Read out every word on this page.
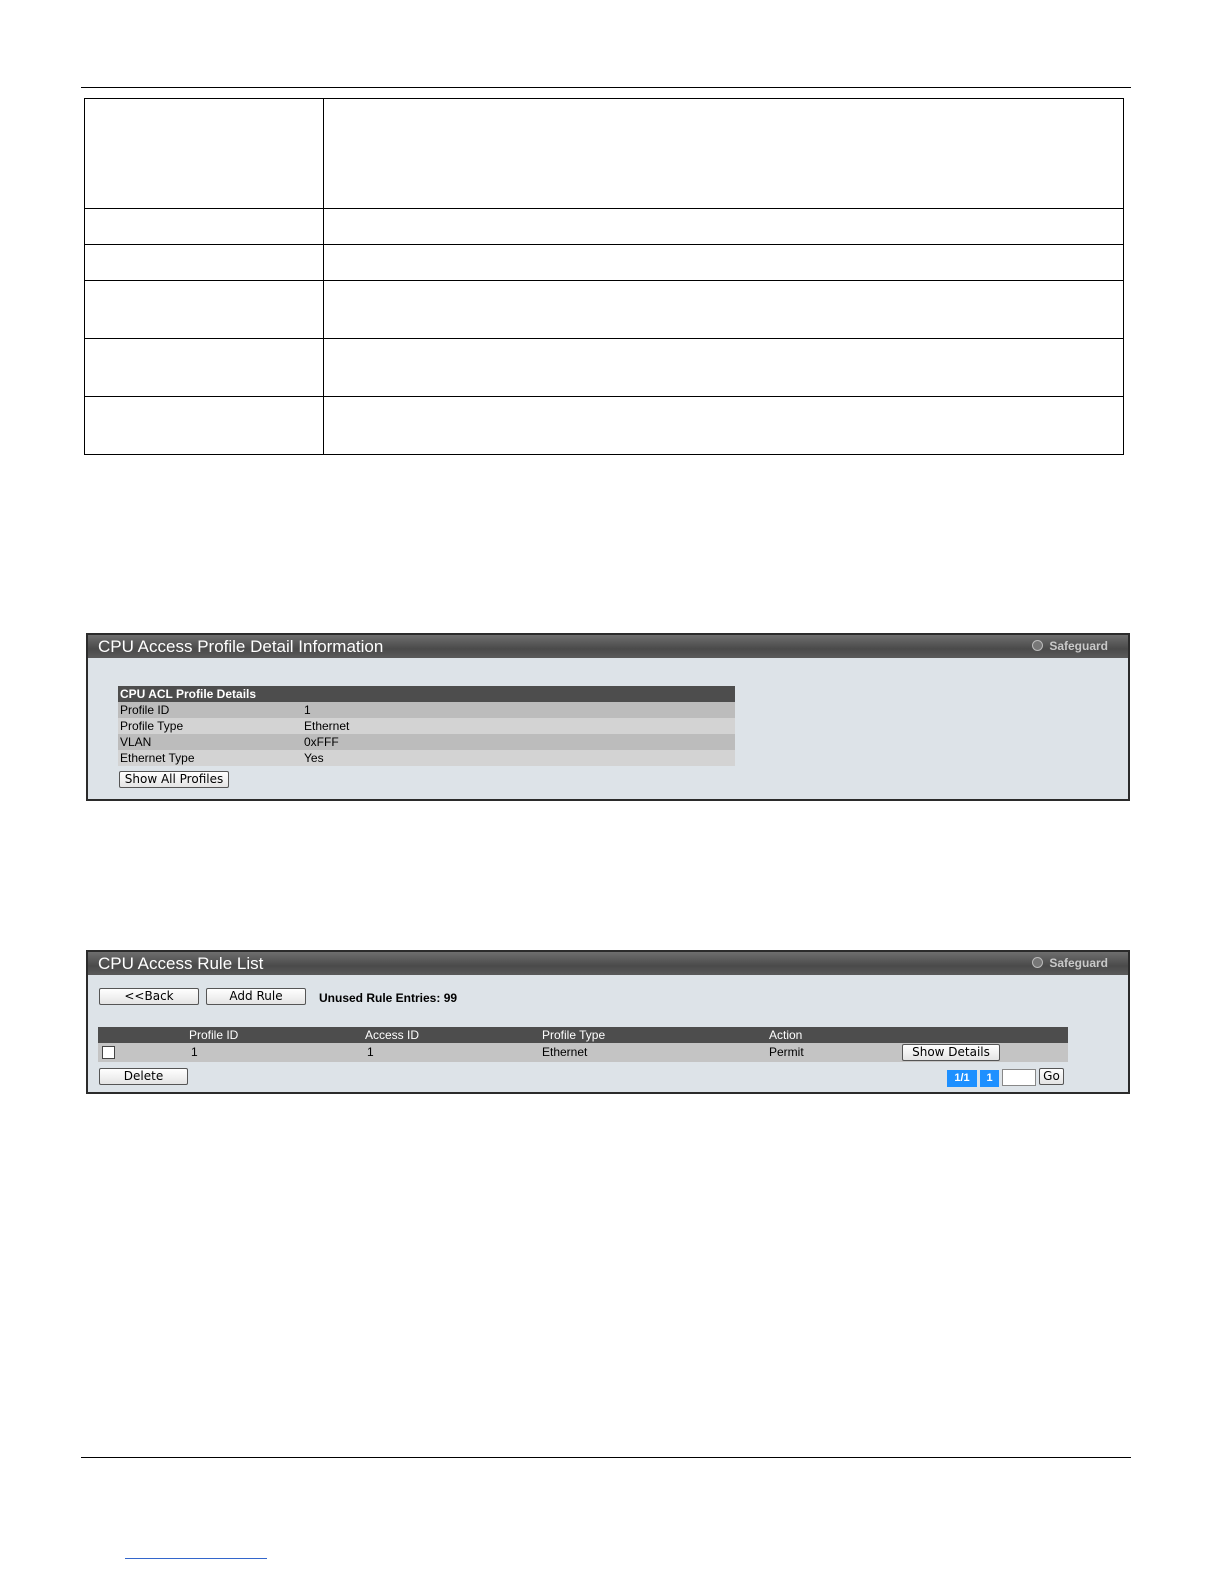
CPU Access Profile Detail Information	Safeguard
CPU ACL Profile Details	
Profile ID	1
Profile Type	Ethernet
VLAN	0xFFF
Ethernet Type	Yes
Show All Profiles
CPU Access Rule List	Safeguard
<<Back	Add Rule	Unused Rule Entries: 99
	Profile ID	Access ID	Profile Type	Action	
	1	1	Ethernet	Permit	Show Details
Delete	1/1	1	Go
